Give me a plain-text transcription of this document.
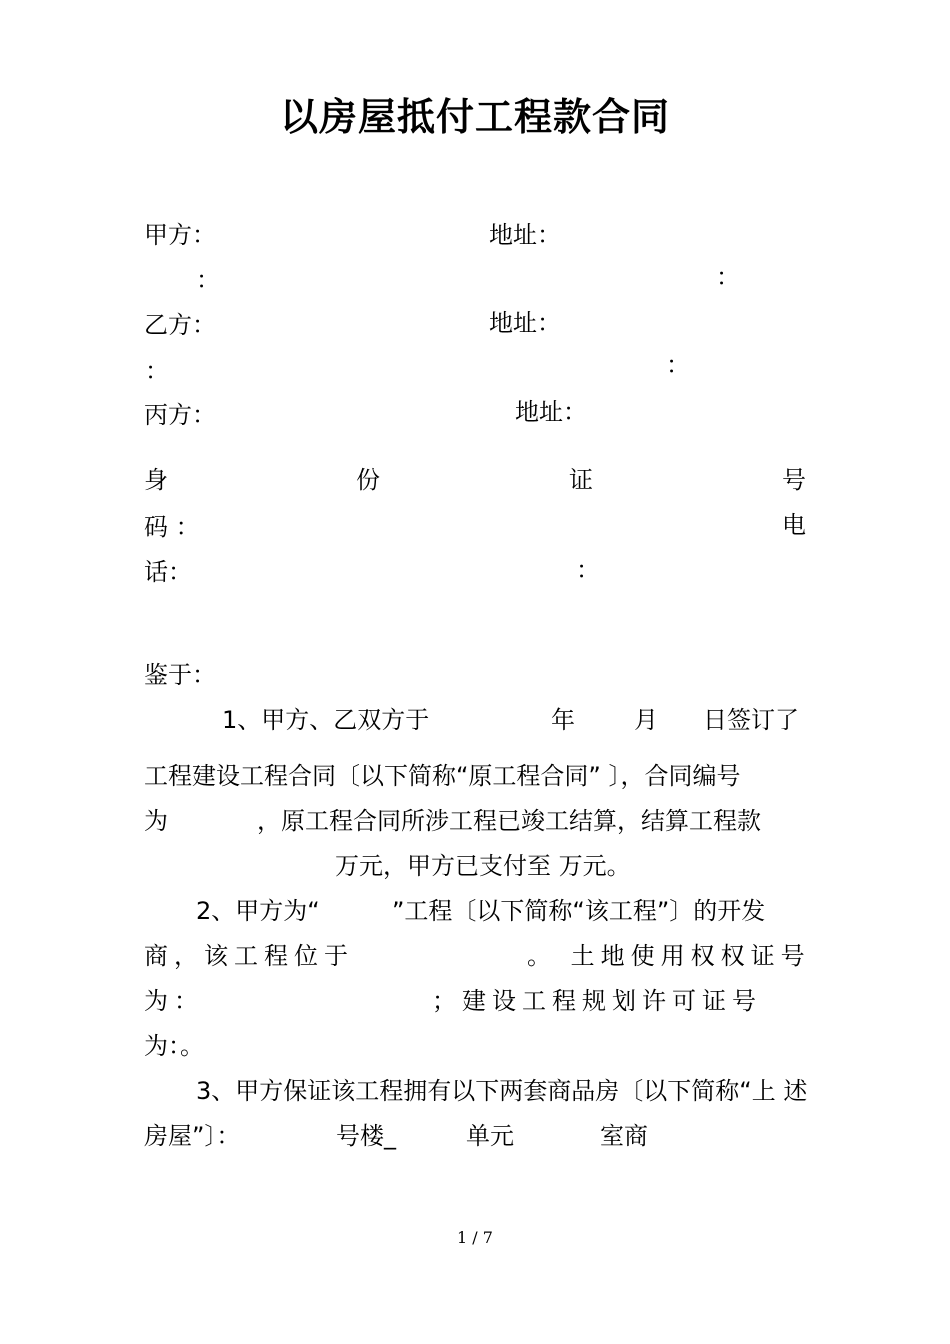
以房屋抵付工程款合同
甲方：	地址：
：	：
乙方：	地址：
：	：
丙方：	地址：
身	份	证	号
码 ：	电
话：	：
鉴于：
1、甲方、乙双方于	年 月 日签订了
工程建设工程合同〔以下简称“原工程合同” 〕，合同编号
为	，原工程合同所涉工程已竣工结算，结算工程款
万元，甲方已支付至 万元。
2、甲方为“	”工程〔以下简称“该工程”〕的开发
商，该工程位于	。 土地使用权权证号
为：	；建设工程规划许可证号
为：。
3、甲方保证该工程拥有以下两套商品房〔以下简称“上 述
房屋”〕：	号楼_	单元	室商
1 / 7
